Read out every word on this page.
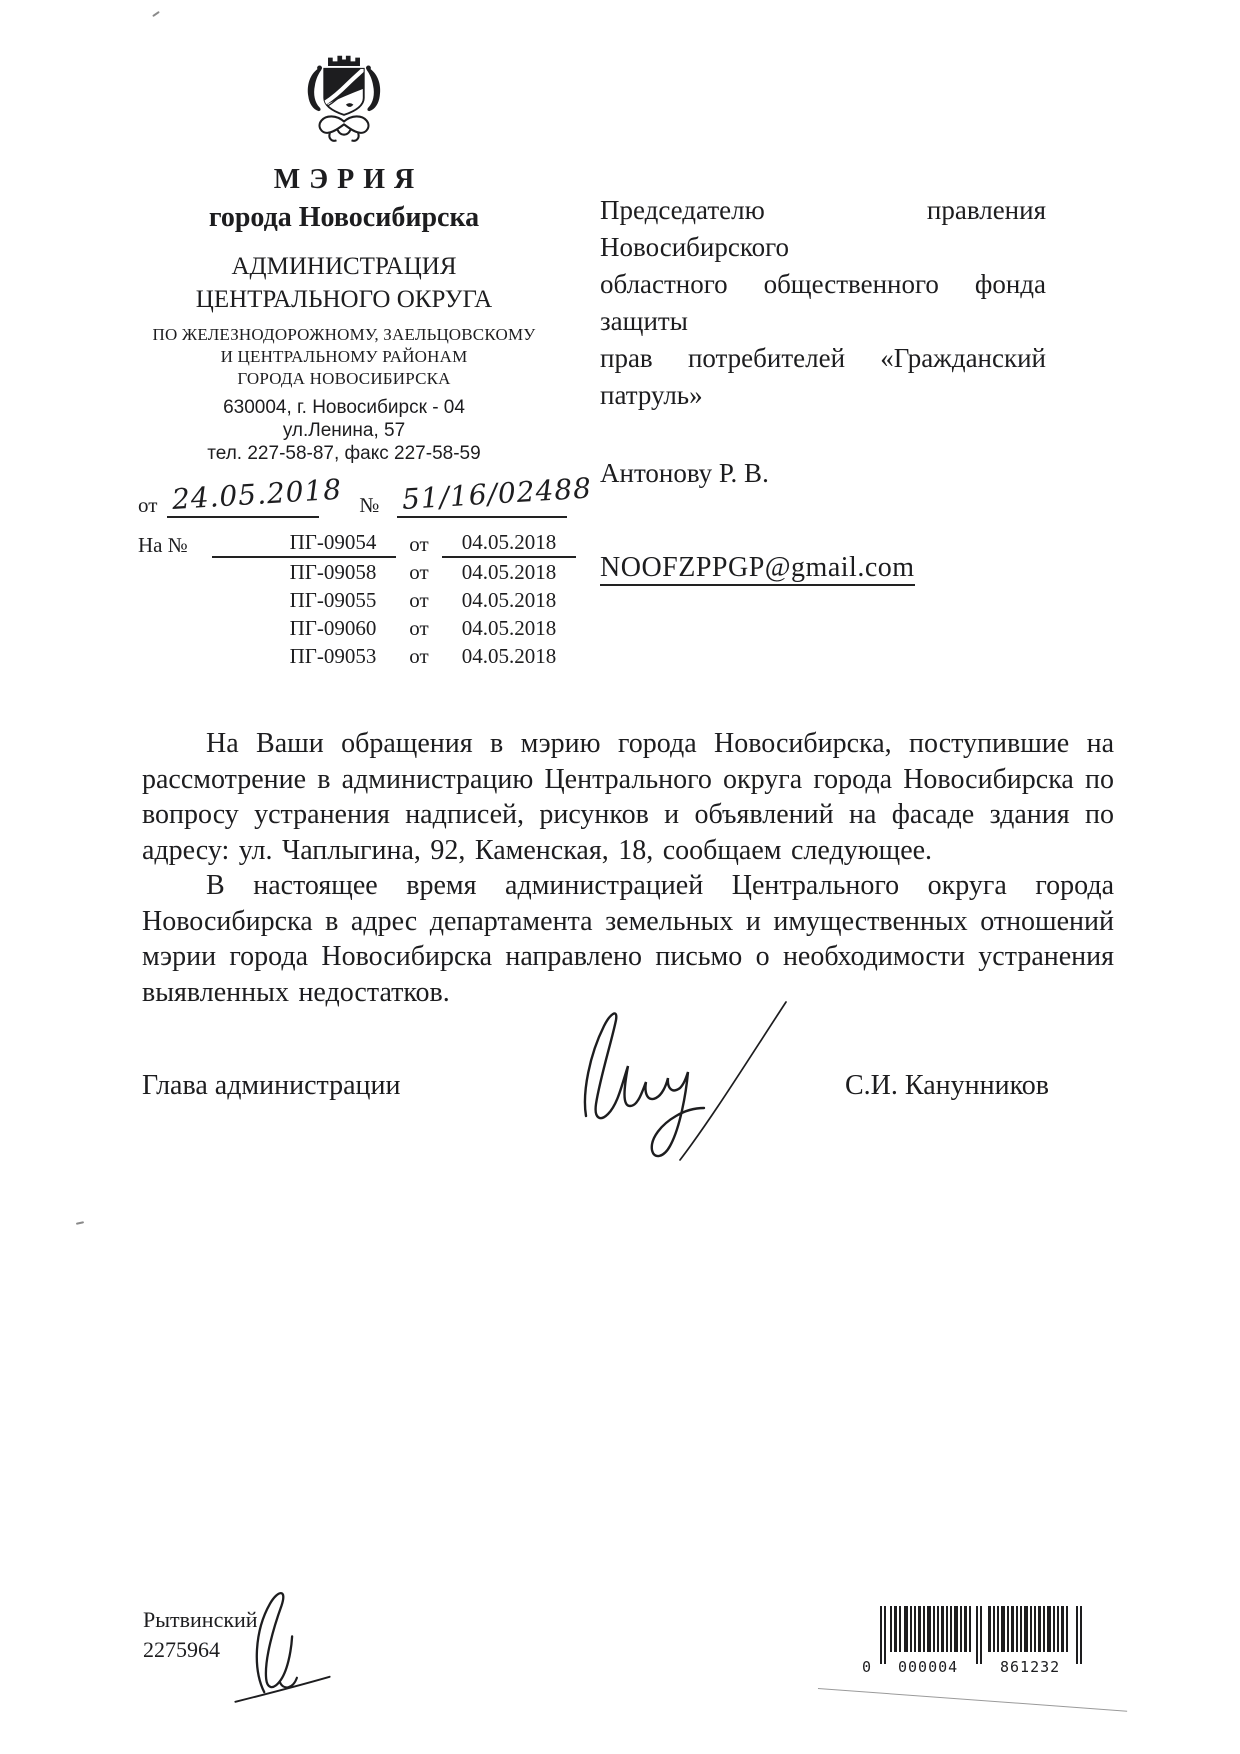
МЭРИЯ
города Новосибирска
АДМИНИСТРАЦИЯ
ЦЕНТРАЛЬНОГО ОКРУГА
ПО ЖЕЛЕЗНОДОРОЖНОМУ, ЗАЕЛЬЦОВСКОМУ
И ЦЕНТРАЛЬНОМУ РАЙОНАМ
ГОРОДА НОВОСИБИРСКА
630004, г. Новосибирск - 04
ул.Ленина, 57
тел. 227-58-87, факс 227-58-59
от 24.05.2018 № 51/16/02488
На №	ПГ-09054	от	04.05.2018
ПГ-09058	от	04.05.2018
ПГ-09055	от	04.05.2018
ПГ-09060	от	04.05.2018
ПГ-09053	от	04.05.2018
Председателю правления Новосибирского
областного общественного фонда защиты
прав потребителей «Гражданский патруль»
Антонову Р. В.
NOOFZPPGP@gmail.com

На Ваши обращения в мэрию города Новосибирска, поступившие на рассмотрение в администрацию Центрального округа города Новосибирска по вопросу устранения надписей, рисунков и объявлений на фасаде здания по адресу: ул. Чаплыгина, 92, Каменская, 18, сообщаем следующее.

В настоящее время администрацией Центрального округа города Новосибирска в адрес департамента земельных и имущественных отношений мэрии города Новосибирска направлено письмо о необходимости устранения выявленных недостатков.

Глава администрации	С.И. Канунников
Рытвинский
2275964
0 000004	861232
